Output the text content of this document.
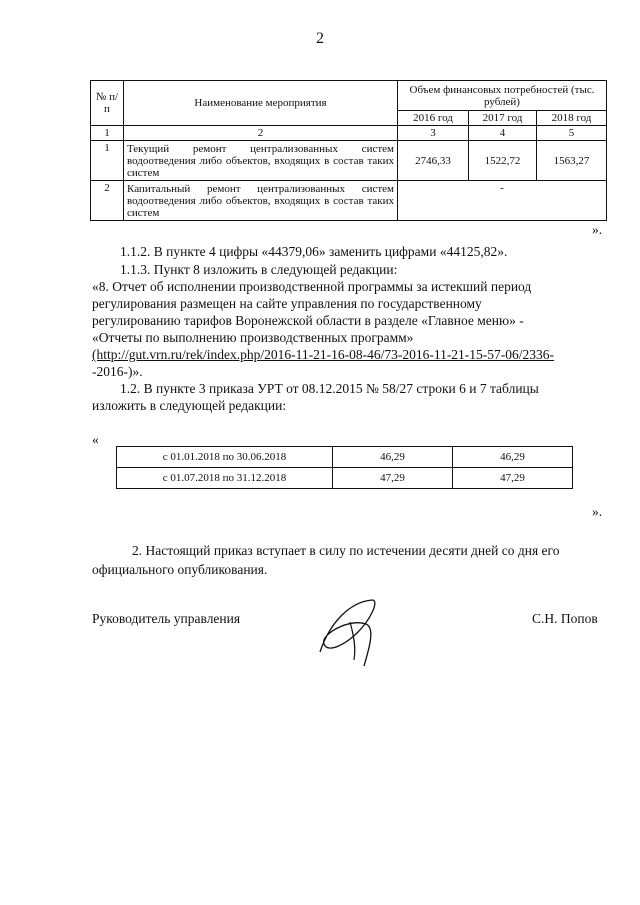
2
№ п/п	Наименование мероприятия	Объем финансовых потребностей (тыс. рублей)		
		2016 год	2017 год	2018 год
1	2	3	4	5
1	Текущий ремонт централизованных систем водоотведения либо объектов, входящих в состав таких систем	2746,33	1522,72	1563,27
2	Капитальный ремонт централизованных систем водоотведения либо объектов, входящих в состав таких систем	-		
».
1.1.2. В пункте 4 цифры «44379,06» заменить цифрами «44125,82».
1.1.3. Пункт 8 изложить в следующей редакции:
«8. Отчет об исполнении производственной программы за истекший период
регулирования размещен на сайте управления по государственному
регулированию тарифов Воронежской области в разделе «Главное меню» -
«Отчеты по выполнению производственных программ»
(http://gut.vrn.ru/rek/index.php/2016-11-21-16-08-46/73-2016-11-21-15-57-06/2336-
-2016-)».
1.2. В пункте 3 приказа УРТ от 08.12.2015 № 58/27 строки 6 и 7 таблицы
изложить в следующей редакции:
«
с 01.01.2018 по 30.06.2018	46,29	46,29
с 01.07.2018 по 31.12.2018	47,29	47,29
».
2. Настоящий приказ вступает в силу по истечении десяти дней со дня его
официального опубликования.
Руководитель управления	С.Н. Попов
